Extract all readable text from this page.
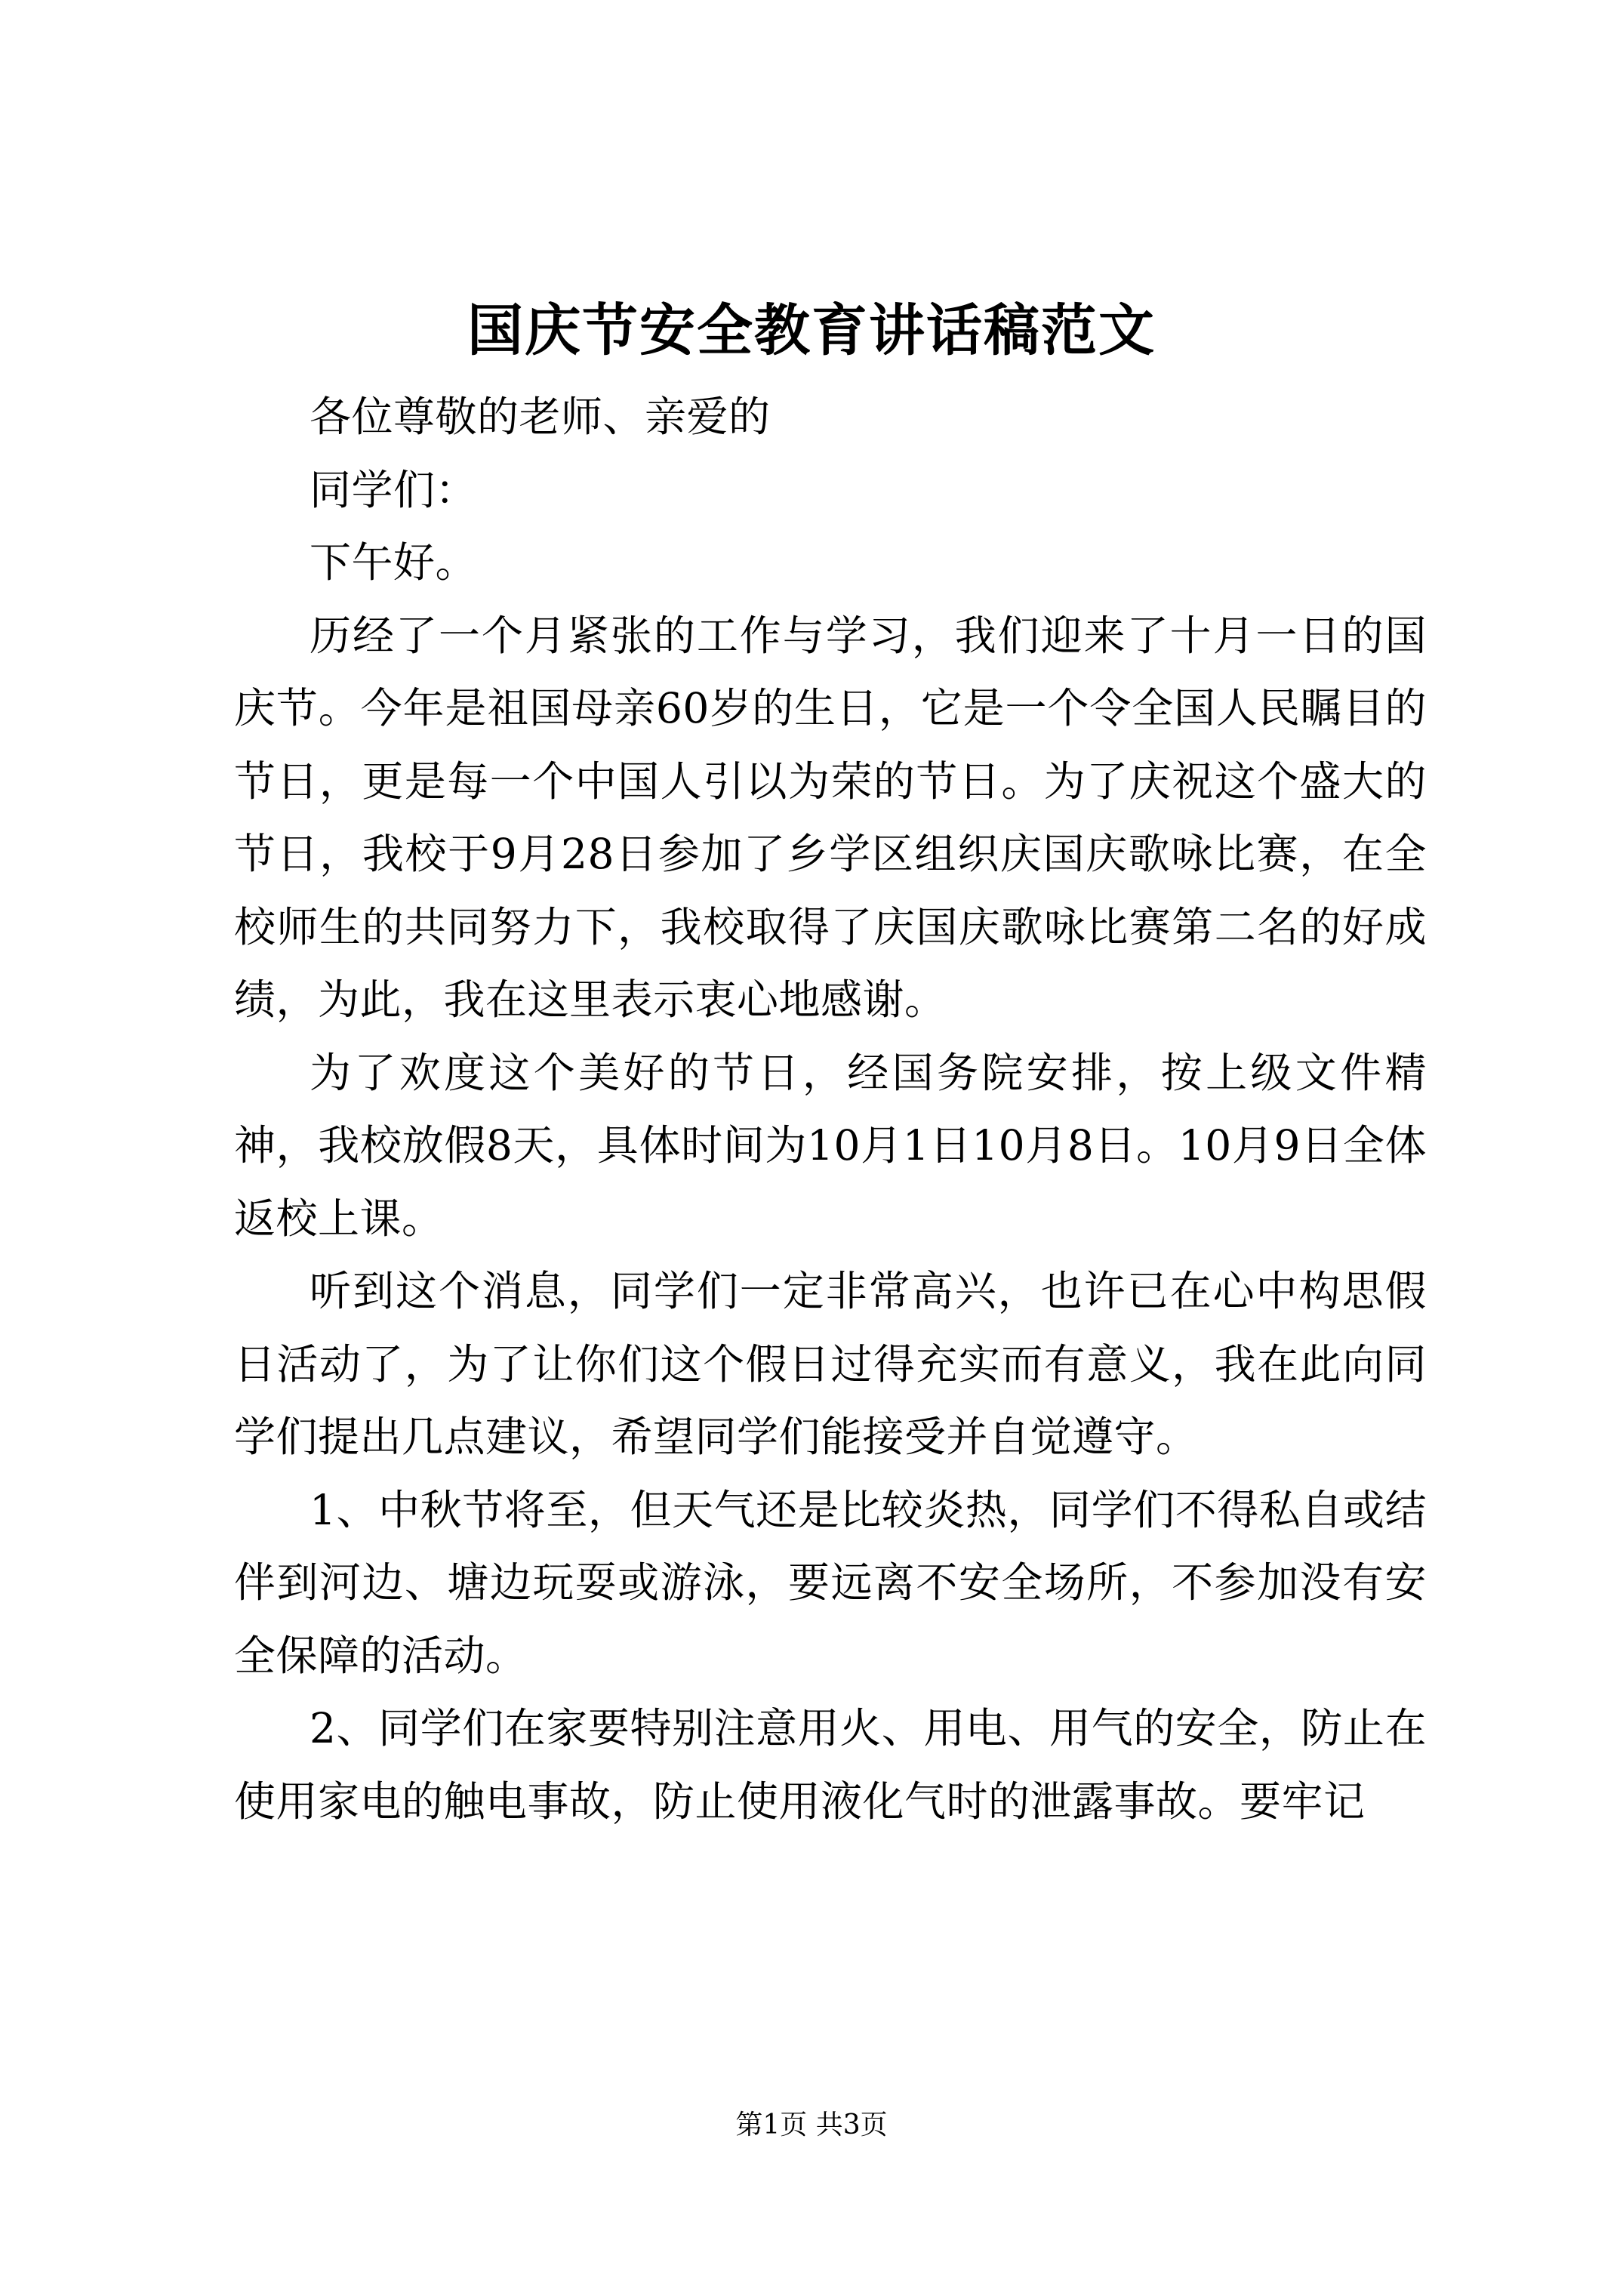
国庆节安全教育讲话稿范文

各位尊敬的老师、亲爱的

同学们：

下午好。

历经了一个月紧张的工作与学习，我们迎来了十月一日的国庆节。今年是祖国母亲60岁的生日，它是一个令全国人民瞩目的节日，更是每一个中国人引以为荣的节日。为了庆祝这个盛大的节日，我校于9月28日参加了乡学区组织庆国庆歌咏比赛，在全校师生的共同努力下，我校取得了庆国庆歌咏比赛第二名的好成绩，为此，我在这里表示衷心地感谢。

为了欢度这个美好的节日，经国务院安排，按上级文件精神，我校放假8天，具体时间为10月1日10月8日。10月9日全体返校上课。

听到这个消息，同学们一定非常高兴，也许已在心中构思假日活动了，为了让你们这个假日过得充实而有意义，我在此向同学们提出几点建议，希望同学们能接受并自觉遵守。

1、中秋节将至，但天气还是比较炎热，同学们不得私自或结伴到河边、塘边玩耍或游泳，要远离不安全场所，不参加没有安全保障的活动。

2、同学们在家要特别注意用火、用电、用气的安全，防止在使用家电的触电事故，防止使用液化气时的泄露事故。要牢记

第1页 共3页
